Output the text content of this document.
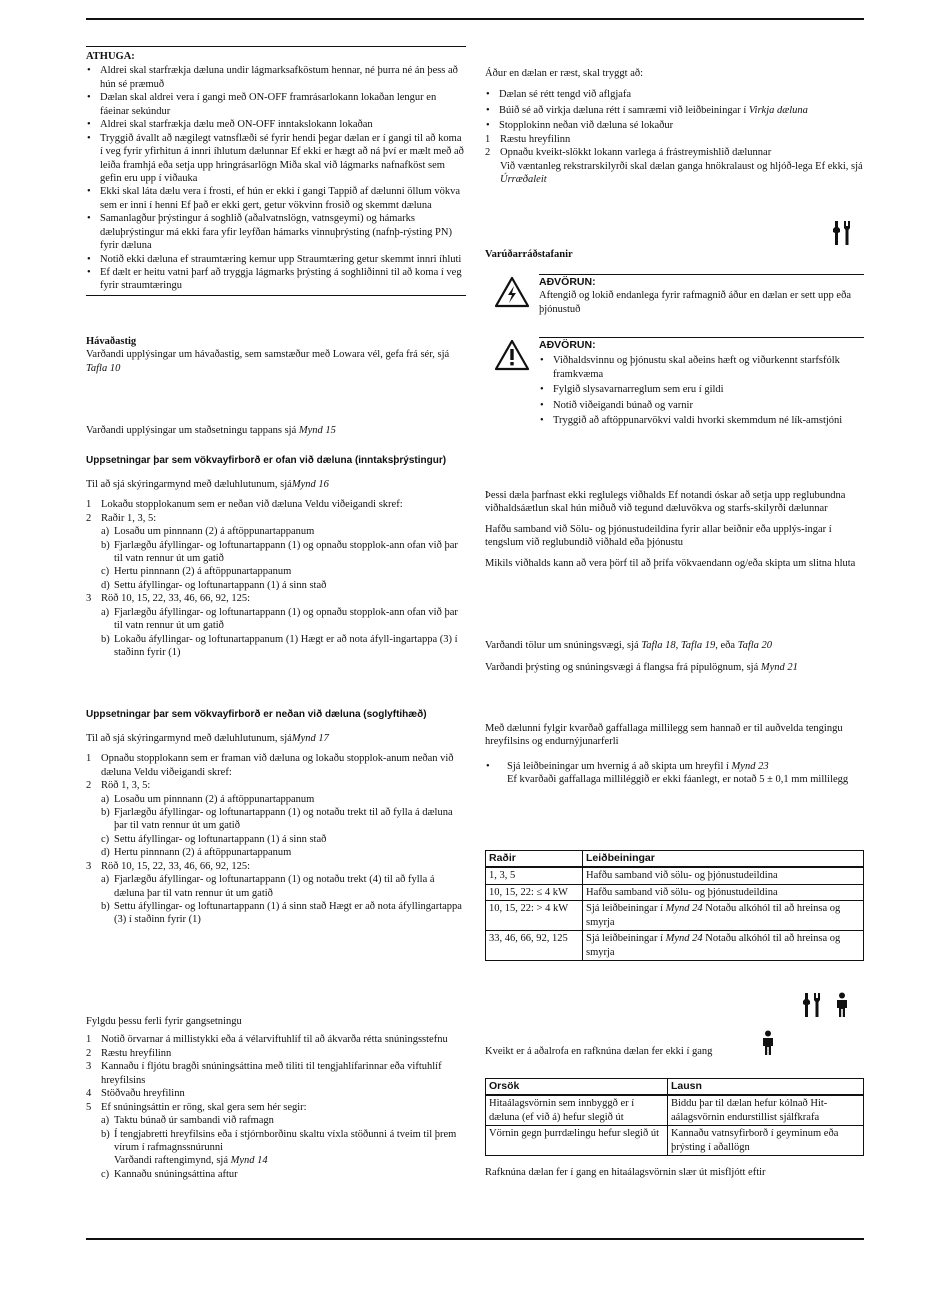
ATHUGA:
• Aldrei skal starfrækja dæluna undir lágmarksafköstum hennar, né þurra né án þess að hún sé præmuð
• Dælan skal aldrei vera í gangi með ON-OFF framrásarlokann lokaðan lengur en fáeinar sekúndur
• Aldrei skal starfrækja dælu með ON-OFF inntakslokann lokaðan
• Tryggið ávallt að nægilegt vatnsflæði sé fyrir hendi þegar dælan er í gangi til að koma í veg fyrir yfirhitun á innri íhlutum dælunnar Ef ekki er hægt að ná því er mælt með að leiða framhjá eða setja upp hringrásarlögn Miða skal við lágmarks nafnafköst sem gefin eru upp í viðauka
• Ekki skal láta dælu vera í frosti, ef hún er ekki í gangi Tappið af dælunni öllum vökva sem er inni í henni Ef það er ekki gert, getur vökvinn frosið og skemmt dæluna
• Samanlagður þrýstingur á soghlið (aðalvatnslögn, vatnsgeymi) og hámarks dæluþrýstingur má ekki fara yfir leyfðan hámarks vinnuþrýsting (nafnþ-rýsting PN) fyrir dæluna
• Notið ekki dæluna ef straumtæring kemur upp Straumtæring getur skemmt innri íhluti
• Ef dælt er heitu vatni þarf að tryggja lágmarks þrýsting á soghliðinni til að koma í veg fyrir straumtæringu
Hávaðastig
Varðandi upplýsingar um hávaðastig, sem samstæður með Lowara vél, gefa frá sér, sjá Tafla 10
Varðandi upplýsingar um staðsetningu tappans sjá Mynd 15
Uppsetningar þar sem vökvayfirborð er ofan við dæluna (inntaksþrýstingur)
Til að sjá skýringarmynd með dæluhlutunum, sjáMynd 16
1 Lokaðu stopplokanum sem er neðan við dæluna Veldu viðeigandi skref:
2 Raðir 1, 3, 5:
a) Losaðu um pinnnann (2) á aftöppunartappanum
b) Fjarlægðu áfyllingar- og loftunartappann (1) og opnaðu stopplok-ann ofan við þar til vatn rennur út um gatið
c) Hertu pinnnann (2) á aftöppunartappanum
d) Settu áfyllingar- og loftunartappann (1) á sinn stað
3 Röð 10, 15, 22, 33, 46, 66, 92, 125:
a) Fjarlægðu áfyllingar- og loftunartappann (1) og opnaðu stopplok-ann ofan við þar til vatn rennur út um gatið
b) Lokaðu áfyllingar- og loftunartappanum (1) Hægt er að nota áfyll-ingartappa (3) í staðinn fyrir (1)
Uppsetningar þar sem vökvayfirborð er neðan við dæluna (soglyftihæð)
Til að sjá skýringarmynd með dæluhlutunum, sjáMynd 17
1 Opnaðu stopplokann sem er framan við dæluna og lokaðu stopplok-anum neðan við dæluna Veldu viðeigandi skref:
2 Röð 1, 3, 5:
a) Losaðu um pinnnann (2) á aftöppunartappanum
b) Fjarlægðu áfyllingar- og loftunartappann (1) og notaðu trekt til að fylla á dæluna þar til vatn rennur út um gatið
c) Settu áfyllingar- og loftunartappann (1) á sinn stað
d) Hertu pinnnann (2) á aftöppunartappanum
3 Röð 10, 15, 22, 33, 46, 66, 92, 125:
a) Fjarlægðu áfyllingar- og loftunartappann (1) og notaðu trekt (4) til að fylla á dæluna þar til vatn rennur út um gatið
b) Settu áfyllingar- og loftunartappann (1) á sinn stað Hægt er að nota áfyllingartappa (3) í staðinn fyrir (1)
Fylgdu þessu ferli fyrir gangsetningu
1 Notið örvarnar á millistykki eða á vélarviftuhlíf til að ákvarða rétta snúningsstefnu
2 Ræstu hreyfilinn
3 Kannaðu í fljótu bragði snúningsáttina með tiliti til tengjahlífarinnar eða viftuhlíf hreyfilsins
4 Stöðvaðu hreyfilinn
5 Ef snúningsáttin er röng, skal gera sem hér segir:
a) Taktu búnað úr sambandi við rafmagn
b) Í tengjabretti hreyfilsins eða í stjórnborðinu skaltu víxla stöðunni á tveim til þrem vírum í rafmagnssnúrunni
Varðandi raftengimynd, sjá Mynd 14
c) Kannaðu snúningsáttina aftur
Áður en dælan er ræst, skal tryggt að:
• Dælan sé rétt tengd við aflgjafa
• Búið sé að virkja dæluna rétt í samræmi við leiðbeiningar í Virkja dæluna
• Stopplokinn neðan við dæluna sé lokaður
1 Ræstu hreyfilinn
2 Opnaðu kveikt-slökkt lokann varlega á frástreymishlið dælunnar
Við væntanleg rekstrarskilyrði skal dælan ganga hnökralaust og hljóð-lega Ef ekki, sjá Úrræðaleit
Varúðarráðstafanir
AÐVÖRUN:
Aftengið og lokið endanlega fyrir rafmagnið áður en dælan er sett upp eða þjónustuð
AÐVÖRUN:
• Viðhaldsvinnu og þjónustu skal aðeins hæft og viðurkennt starfsfólk framkvæma
• Fylgið slysavarnarreglum sem eru í gildi
• Notið viðeigandi búnað og varnir
• Tryggið að aftöppunarvökvi valdi hvorki skemmdum né lík-amstjóni
Þessi dæla þarfnast ekki reglulegs viðhalds Ef notandi óskar að setja upp reglubundna viðhaldsáætlun skal hún miðuð við tegund dæluvökva og starfs-skilyrði dælunnar
Hafðu samband við Sölu- og þjónustudeildina fyrir allar beiðnir eða upplýs-ingar í tengslum við reglubundið viðhald eða þjónustu
Mikils viðhalds kann að vera þörf til að þrífa vökvaendann og/eða skipta um slitna hluta
Varðandi tölur um snúningsvægi, sjá Tafla 18, Tafla 19, eða Tafla 20
Varðandi þrýsting og snúningsvægi á flangsa frá pípulögnum, sjá Mynd 21
Með dælunni fylgir kvarðað gaffallaga millilegg sem hannað er til auðvelda tengingu hreyfilsins og endurnýjunarferli
• Sjá leiðbeiningar um hvernig á að skipta um hreyfil í Mynd 23
Ef kvarðaði gaffallaga milliléggið er ekki fáanlegt, er notað 5 ± 0,1 mm millilegg
Raðir	Leiðbeiningar
1, 3, 5	Hafðu samband við sölu- og þjónustudeildina
10, 15, 22: ≤ 4 kW	Hafðu samband við sölu- og þjónustudeildina
10, 15, 22: > 4 kW	Sjá leiðbeiningar í Mynd 24 Notaðu alkóhól til að hreinsa og smyrja
33, 46, 66, 92, 125	Sjá leiðbeiningar í Mynd 24 Notaðu alkóhól til að hreinsa og smyrja
Kveikt er á aðalrofa en rafknúna dælan fer ekki í gang
Orsök	Lausn
Hitaálagsvörnin sem innbyggð er í dæluna (ef við á) hefur slegið út	Biddu þar til dælan hefur kólnað Hit-aálagsvörnin endurstillist sjálfkrafa
Vörnin gegn þurrdælingu hefur slegið út	Kannaðu vatnsyfirborð í geyminum eða þrýsting í aðallögn
Rafknúna dælan fer í gang en hitaálagsvörnin slær út misfljótt eftir
